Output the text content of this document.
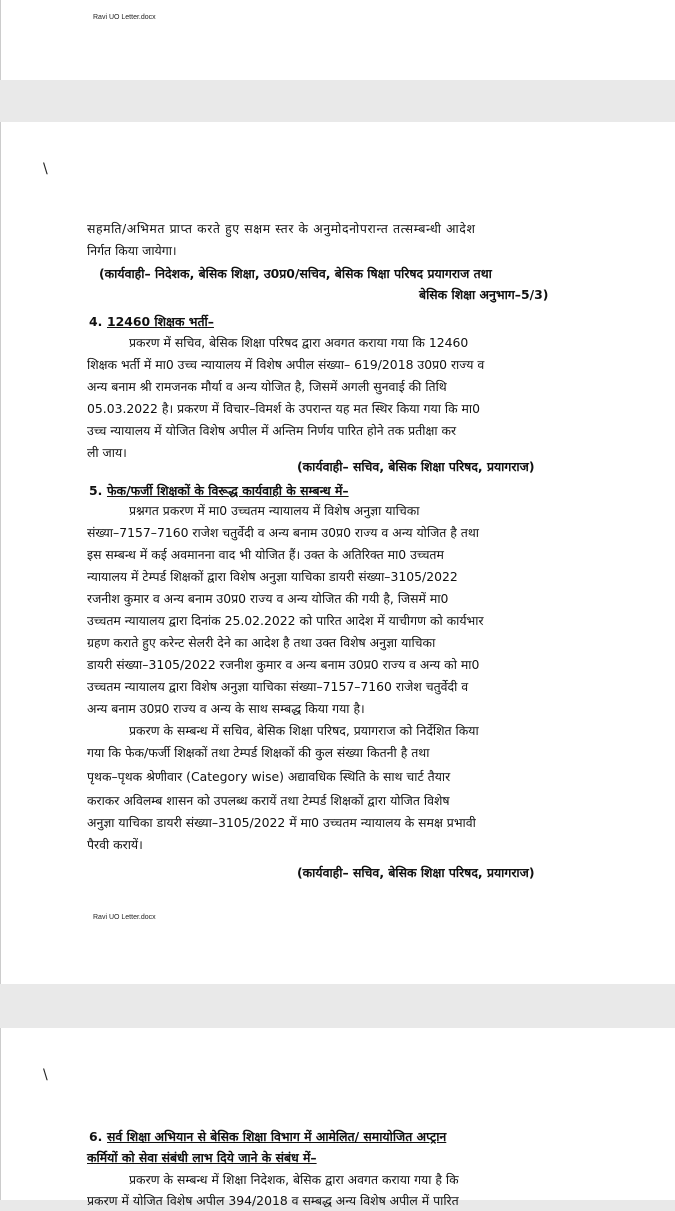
Ravi UO Letter.docx
\
सहमति/अभिमत प्राप्त करते हुए सक्षम स्तर के अनुमोदनोपरान्त तत्सम्बन्धी आदेश
निर्गत किया जायेगा।
(कार्यवाही– निदेशक, बेसिक शिक्षा, उ0प्र0/सचिव, बेसिक षिक्षा परिषद प्रयागराज तथा
बेसिक शिक्षा अनुभाग–5/3)
4. 12460 शिक्षक भर्ती–
प्रकरण में सचिव, बेसिक शिक्षा परिषद द्वारा अवगत कराया गया कि 12460
शिक्षक भर्ती में मा0 उच्च न्यायालय में विशेष अपील संख्या– 619/2018 उ0प्र0 राज्य व
अन्य बनाम श्री रामजनक मौर्या व अन्य योजित है, जिसमें अगली सुनवाई की तिथि
05.03.2022 है। प्रकरण में विचार–विमर्श के उपरान्त यह मत स्थिर किया गया कि मा0
उच्च न्यायालय में योजित विशेष अपील में अन्तिम निर्णय पारित होने तक प्रतीक्षा कर
ली जाय।
(कार्यवाही– सचिव, बेसिक शिक्षा परिषद, प्रयागराज)
5. फेक/फर्जी शिक्षकों के विरूद्ध कार्यवाही के सम्बन्ध में–
प्रश्नगत प्रकरण में मा0 उच्चतम न्यायालय में विशेष अनुज्ञा याचिका
संख्या–7157–7160 राजेश चतुर्वेदी व अन्य बनाम उ0प्र0 राज्य व अन्य योजित है तथा
इस सम्बन्ध में कई अवमानना वाद भी योजित हैं। उक्त के अतिरिक्त मा0 उच्चतम
न्यायालय में टेम्पर्ड शिक्षकों द्वारा विशेष अनुज्ञा याचिका डायरी संख्या–3105/2022
रजनीश कुमार व अन्य बनाम उ0प्र0 राज्य व अन्य योजित की गयी है, जिसमें मा0
उच्चतम न्यायालय द्वारा दिनांक 25.02.2022 को पारित आदेश में याचीगण को कार्यभार
ग्रहण कराते हुए करेन्ट सेलरी देने का आदेश है तथा उक्त विशेष अनुज्ञा याचिका
डायरी संख्या–3105/2022 रजनीश कुमार व अन्य बनाम उ0प्र0 राज्य व अन्य को मा0
उच्चतम न्यायालय द्वारा विशेष अनुज्ञा याचिका संख्या–7157–7160 राजेश चतुर्वेदी व
अन्य बनाम उ0प्र0 राज्य व अन्य के साथ सम्बद्ध किया गया है।
प्रकरण के सम्बन्ध में सचिव, बेसिक शिक्षा परिषद, प्रयागराज को निर्देशित किया
गया कि फेक/फर्जी शिक्षकों तथा टेम्पर्ड शिक्षकों की कुल संख्या कितनी है तथा
पृथक–पृथक श्रेणीवार (Category wise) अद्यावधिक स्थिति के साथ चार्ट तैयार
कराकर अविलम्ब शासन को उपलब्ध करायें तथा टेम्पर्ड शिक्षकों द्वारा योजित विशेष
अनुज्ञा याचिका डायरी संख्या–3105/2022 में मा0 उच्चतम न्यायालय के समक्ष प्रभावी
पैरवी करायें।
(कार्यवाही– सचिव, बेसिक शिक्षा परिषद, प्रयागराज)
Ravi UO Letter.docx
\
6. सर्व शिक्षा अभियान से बेसिक शिक्षा विभाग में आमेलित/ समायोजित अप्ट्रान
कर्मियों को सेवा संबंधी लाभ दिये जाने के संबंध में–
प्रकरण के सम्बन्ध में शिक्षा निदेशक, बेसिक द्वारा अवगत कराया गया है कि
प्रकरण में योजित विशेष अपील 394/2018 व सम्बद्ध अन्य विशेष अपील में पारित
